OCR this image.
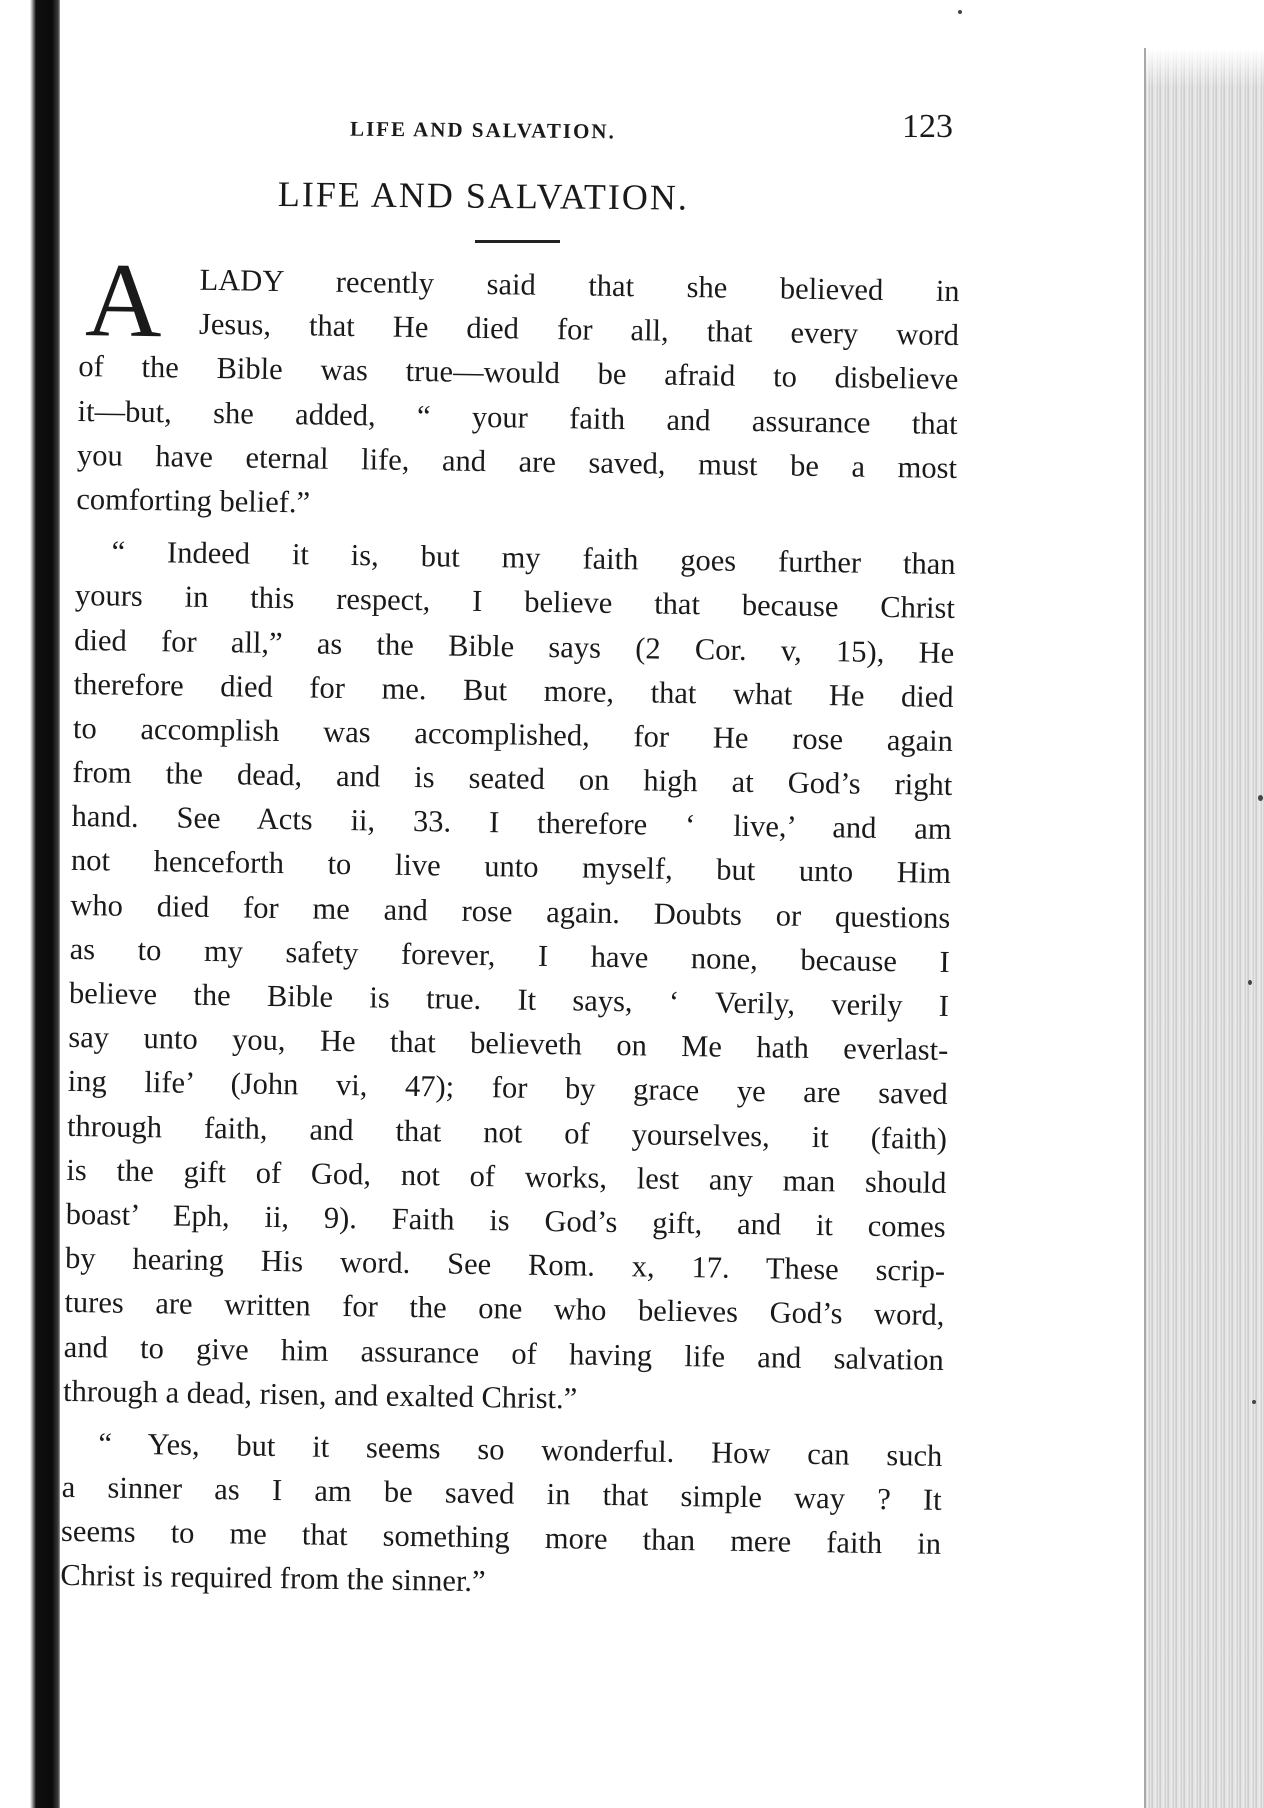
LIFE AND SALVATION.	123
LIFE AND SALVATION.
A	LADY recently said that she believed in
Jesus, that He died for all, that every word
of the Bible was true—would be afraid to disbelieve
it—but, she added, “ your faith and assurance that
you have eternal life, and are saved, must be a most
comforting belief.”
“ Indeed it is, but my faith goes further than
yours in this respect, I believe that because Christ
died for all,” as the Bible says (2 Cor. v, 15), He
therefore died for me. But more, that what He died
to accomplish was accomplished, for He rose again
from the dead, and is seated on high at God’s right
hand. See Acts ii, 33. I therefore ‘ live,’ and am
not henceforth to live unto myself, but unto Him
who died for me and rose again. Doubts or questions
as to my safety forever, I have none, because I
believe the Bible is true. It says, ‘ Verily, verily I
say unto you, He that believeth on Me hath everlast-
ing life’ (John vi, 47); for by grace ye are saved
through faith, and that not of yourselves, it (faith)
is the gift of God, not of works, lest any man should
boast’ Eph, ii, 9). Faith is God’s gift, and it comes
by hearing His word. See Rom. x, 17. These scrip-
tures are written for the one who believes God’s word,
and to give him assurance of having life and salvation
through a dead, risen, and exalted Christ.”
“ Yes, but it seems so wonderful. How can such
a sinner as I am be saved in that simple way ? It
seems to me that something more than mere faith in
Christ is required from the sinner.”
